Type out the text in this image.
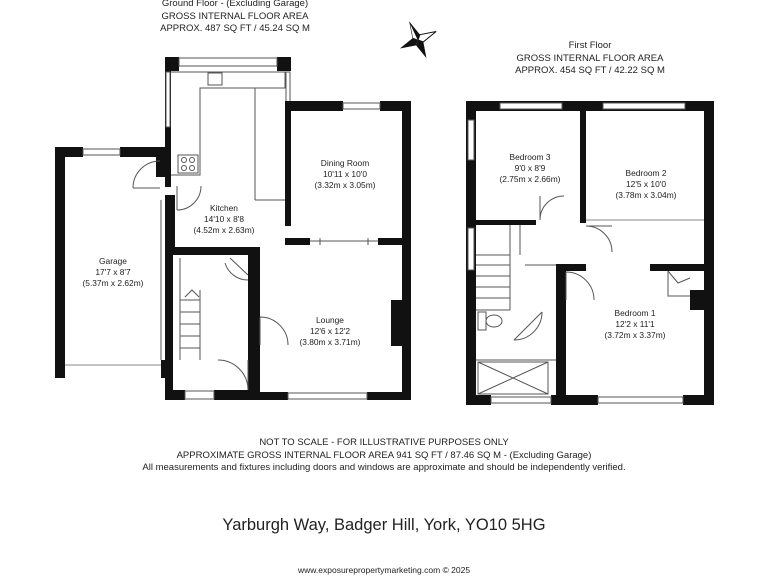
Ground Floor - (Excluding Garage)
GROSS INTERNAL FLOOR AREA
APPROX. 487 SQ FT / 45.24 SQ M
First Floor
GROSS INTERNAL FLOOR AREA
APPROX. 454 SQ FT / 42.22 SQ M
Garage
17'7 x 8'7
(5.37m x 2.62m)
Kitchen
14'10 x 8'8
(4.52m x 2.63m)
Dining Room
10'11 x 10'0
(3.32m x 3.05m)
Lounge
12'6 x 12'2
(3.80m x 3.71m)
Bedroom 3
9'0 x 8'9
(2.75m x 2.66m)
Bedroom 2
12'5 x 10'0
(3.78m x 3.04m)
Bedroom 1
12'2 x 11'1
(3.72m x 3.37m)
NOT TO SCALE - FOR ILLUSTRATIVE PURPOSES ONLY
APPROXIMATE GROSS INTERNAL FLOOR AREA 941 SQ FT / 87.46 SQ M - (Excluding Garage)
All measurements and fixtures including doors and windows are approximate and should be independently verified.
Yarburgh Way, Badger Hill, York, YO10 5HG
www.exposurepropertymarketing.com © 2025
